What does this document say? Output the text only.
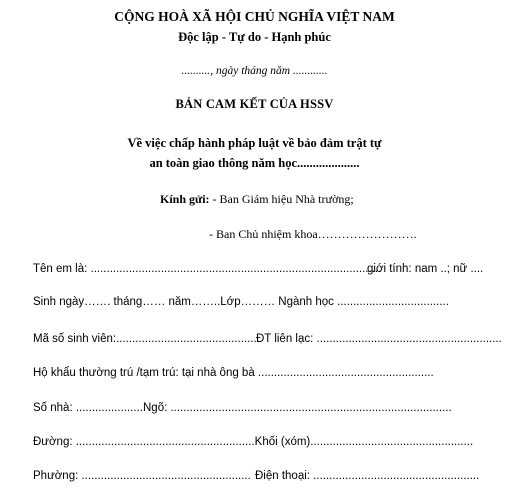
CỘNG HOÀ XÃ HỘI CHỦ NGHĨA VIỆT NAM
Độc lập - Tự do - Hạnh phúc
.........., ngày tháng năm ............
BẢN CAM KẾT CỦA HSSV
Về việc chấp hành pháp luật về bảo đảm trật tự
an toàn giao thông năm học....................
Kính gửi: - Ban Giám hiệu Nhà trường;
- Ban Chủ nhiệm khoa…………………….
Tên em là: ...........................................................................................
giới tính: nam ..; nữ ....
Sinh ngày……. tháng…… năm……..Lớp……… Ngành học ...................................
Mã số sinh viên:.............................................
ĐT liên lạc: ..........................................................
Hộ khẩu thường trú /tạm trú: tại nhà ông bà .......................................................
Số nhà: ......................
Ngõ: ........................................................................................
Đường: ........................................................Khối (xóm)...................................................
Phường: ..................................................... Điện thoại: ....................................................
